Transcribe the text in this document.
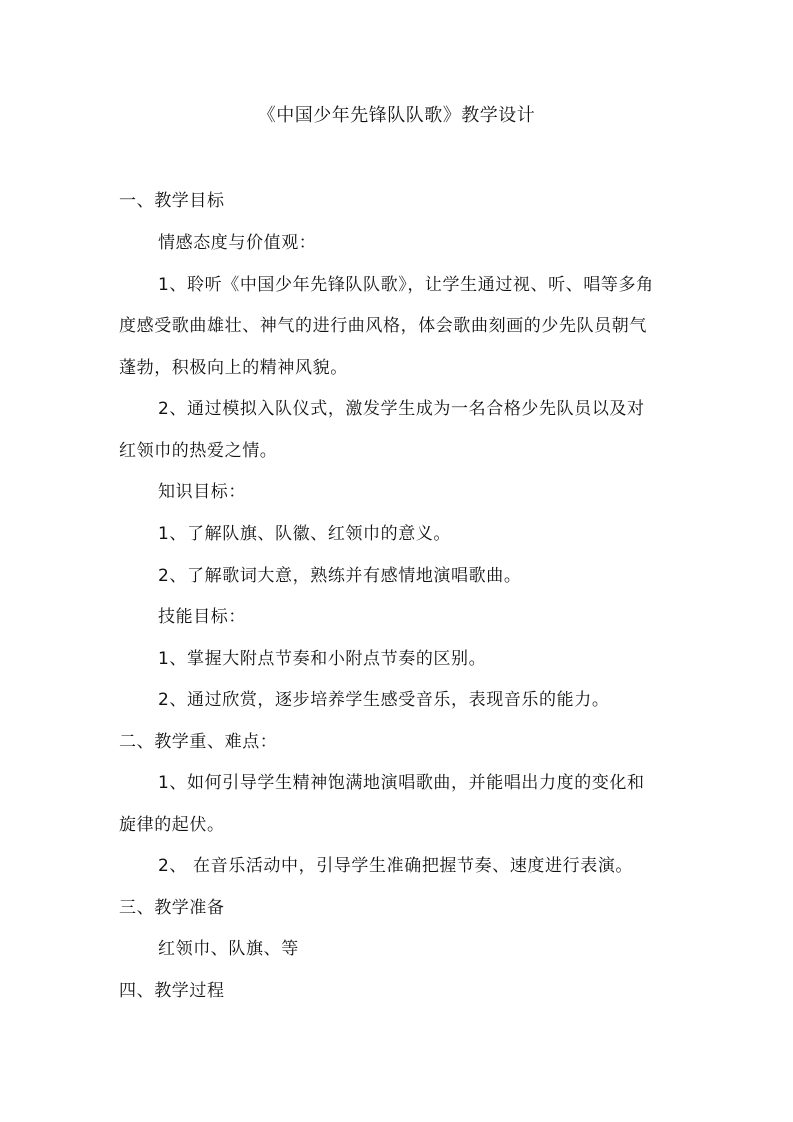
《中国少年先锋队队歌》教学设计
一、教学目标
情感态度与价值观：
1、聆听《中国少年先锋队队歌》，让学生通过视、听、唱等多角
度感受歌曲雄壮、神气的进行曲风格，体会歌曲刻画的少先队员朝气
蓬勃，积极向上的精神风貌。
2、通过模拟入队仪式，激发学生成为一名合格少先队员以及对
红领巾的热爱之情。
知识目标：
1、了解队旗、队徽、红领巾的意义。
2、了解歌词大意，熟练并有感情地演唱歌曲。
技能目标：
1、掌握大附点节奏和小附点节奏的区别。
2、通过欣赏，逐步培养学生感受音乐，表现音乐的能力。
二、教学重、难点：
1、如何引导学生精神饱满地演唱歌曲，并能唱出力度的变化和
旋律的起伏。
2、 在音乐活动中，引导学生准确把握节奏、速度进行表演。
三、教学准备
红领巾、队旗、等
四、教学过程
